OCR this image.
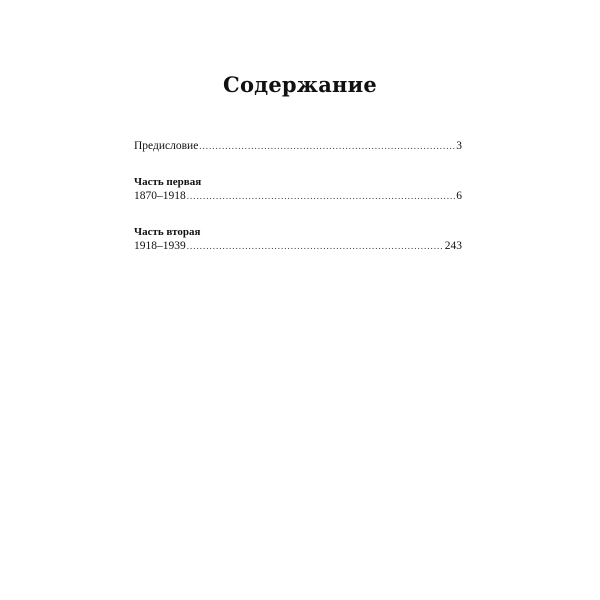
Содержание
Предисловие .....	3
Часть первая
1870–1918 .....	6
Часть вторая
1918–1939 .....	243
